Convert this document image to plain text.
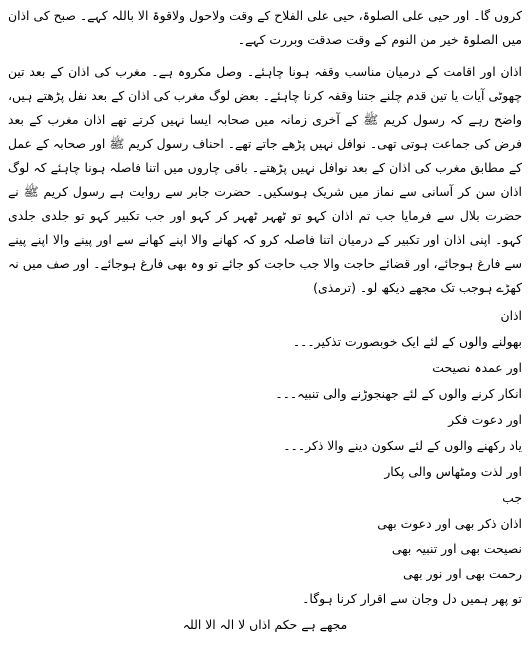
کروں گا۔ اور حیی علی الصلوۃ، حیی علی الفلاح کے وقت ولاحول ولاقوۃ الا باللہ کہے۔ صبح کی اذان میں الصلوۃ خیر من النوم کے وقت صدقت وبررت کہے۔

اذان اور اقامت کے درمیان مناسب وقفہ ہونا چاہئے۔ وصل مکروہ ہے۔ مغرب کی اذان کے بعد تین چھوٹی آیات یا تین قدم چلنے جتنا وقفہ کرنا چاہئے۔ بعض لوگ مغرب کی اذان کے بعد نفل پڑھتے ہیں، واضح رہے کہ رسول کریم ﷺ کے آخری زمانہ میں صحابہ ایسا نہیں کرتے تھے اذان مغرب کے بعد فرض کی جماعت ہوتی تھی۔ نوافل نہیں پڑھے جاتے تھے۔ احناف رسول کریم ﷺ اور صحابہ کے عمل کے مطابق مغرب کی اذان کے بعد نوافل نہیں پڑھتے۔ باقی چاروں میں اتنا فاصلہ ہونا چاہئے کہ لوگ اذان سن کر آسانی سے نماز میں شریک ہوسکیں۔ حضرت جابر سے روایت ہے رسول کریم ﷺ نے حضرت بلال سے فرمایا جب تم اذان کہو تو ٹھہر ٹھہر کر کہو اور جب تکبیر کہو تو جلدی جلدی کہو۔ اپنی اذان اور تکبیر کے درمیان اتنا فاصلہ کرو کہ کھانے والا اپنے کھانے سے اور پینے والا اپنے پینے سے فارغ ہوجائے، اور قضائے حاجت والا جب حاجت کو جائے تو وہ بھی فارغ ہوجائے۔ اور صف میں نہ کھڑے ہوجب تک مجھے دیکھ لو۔ (ترمذی)

اذان

بھولنے والوں کے لئے ایک خوبصورت تذکیر۔۔۔

اور عمدہ نصیحت

انکار کرنے والوں کے لئے جھنجوڑنے والی تنبیہ۔۔۔

اور دعوت فکر

یاد رکھنے والوں کے لئے سکون دینے والا ذکر۔۔۔

اور لذت ومٹھاس والی پکار

جب

اذان ذکر بھی اور دعوت بھی

نصیحت بھی اور تنبیہ بھی

رحمت بھی اور نور بھی

تو پھر ہمیں دل وجان سے اقرار کرنا ہوگا۔

مجھے ہے حکم اذاں لا الہ الا اللہ
